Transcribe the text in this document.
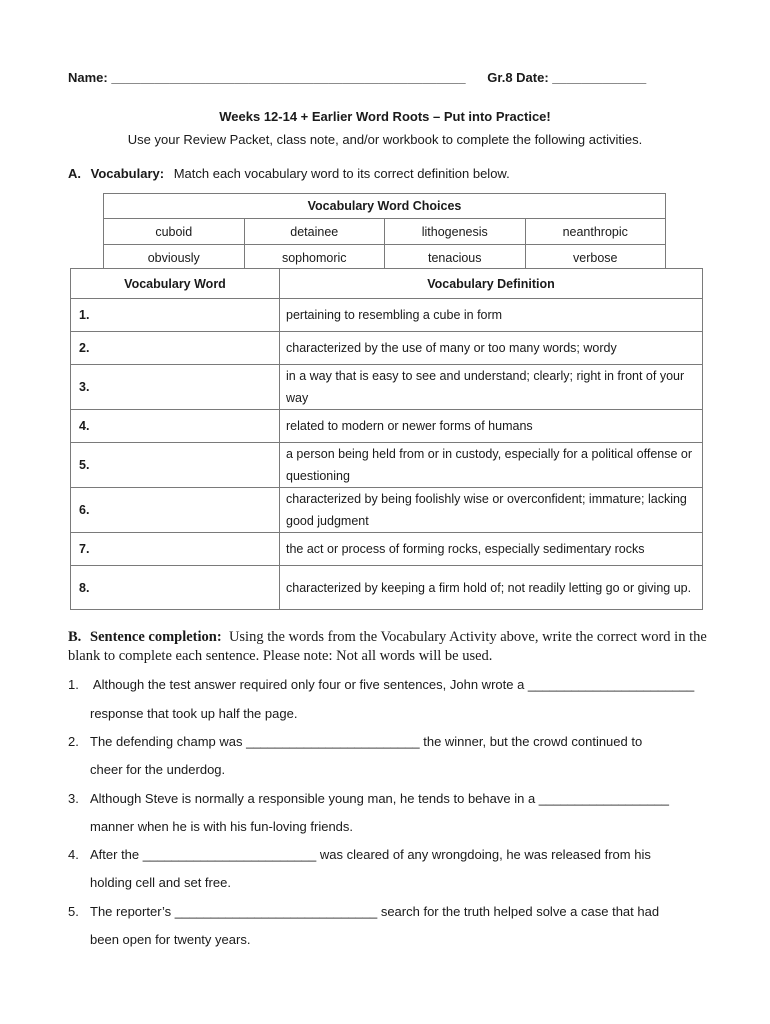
Name: _________________________________________________ Gr.8 Date: _____________
Weeks 12-14 + Earlier Word Roots – Put into Practice!
Use your Review Packet, class note, and/or workbook to complete the following activities.
A. Vocabulary: Match each vocabulary word to its correct definition below.
Vocabulary Word Choices			
cuboid	detainee	lithogenesis	neanthropic
obviously	sophomoric	tenacious	verbose
Vocabulary Word	Vocabulary Definition
1.	pertaining to resembling a cube in form
2.	characterized by the use of many or too many words; wordy
3.	in a way that is easy to see and understand; clearly; right in front of your way
4.	related to modern or newer forms of humans
5.	a person being held from or in custody, especially for a political offense or questioning
6.	characterized by being foolishly wise or overconfident; immature; lacking good judgment
7.	the act or process of forming rocks, especially sedimentary rocks
8.	characterized by keeping a firm hold of; not readily letting go or giving up.
B. Sentence completion: Using the words from the Vocabulary Activity above, write the correct word in the blank to complete each sentence. Please note: Not all words will be used.
1. Although the test answer required only four or five sentences, John wrote a _______________________
response that took up half the page.
2. The defending champ was ________________________ the winner, but the crowd continued to
cheer for the underdog.
3. Although Steve is normally a responsible young man, he tends to behave in a __________________
manner when he is with his fun-loving friends.
4. After the ________________________ was cleared of any wrongdoing, he was released from his
holding cell and set free.
5. The reporter’s ____________________________ search for the truth helped solve a case that had
been open for twenty years.
